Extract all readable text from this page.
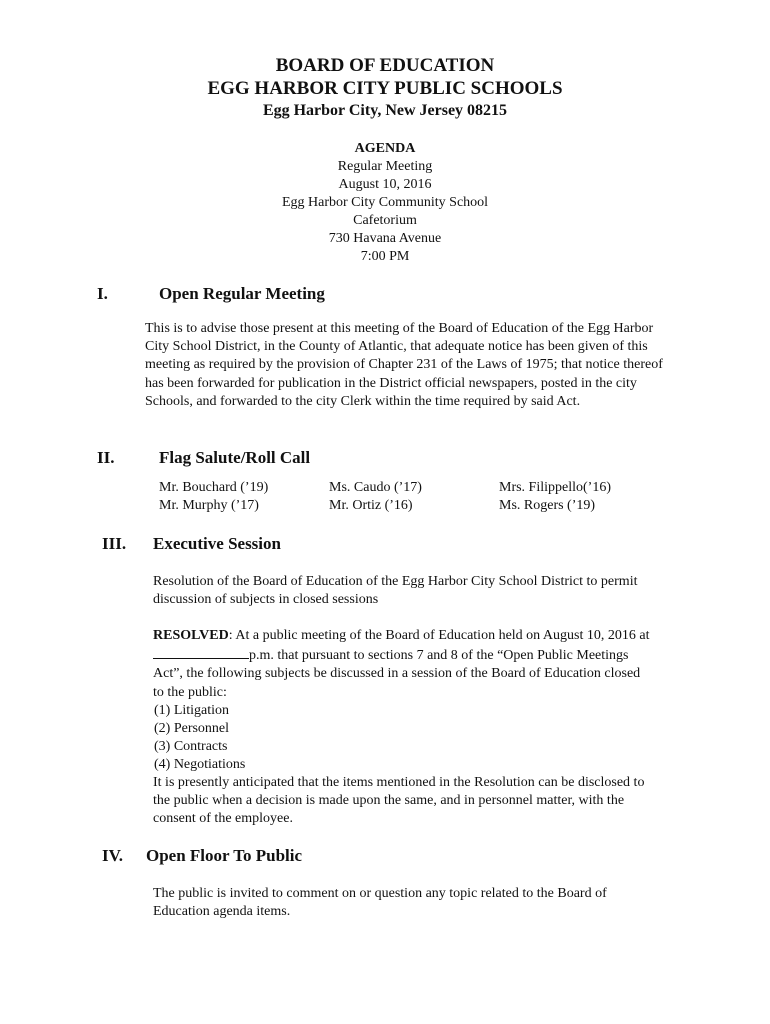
BOARD OF EDUCATION
EGG HARBOR CITY PUBLIC SCHOOLS
Egg Harbor City, New Jersey 08215
AGENDA
Regular Meeting
August 10, 2016
Egg Harbor City Community School
Cafetorium
730 Havana Avenue
7:00 PM
I.	Open Regular Meeting
This is to advise those present at this meeting of the Board of Education of the Egg Harbor City School District, in the County of Atlantic, that adequate notice has been given of this meeting as required by the provision of Chapter 231 of the Laws of 1975; that notice thereof has been forwarded for publication in the District official newspapers, posted in the city Schools, and forwarded to the city Clerk within the time required by said Act.
II.	Flag Salute/Roll Call
Mr. Bouchard (’19)	Ms. Caudo (’17)	Mrs. Filippello(’16)
Mr. Murphy (’17)	Mr. Ortiz (’16)	Ms. Rogers (’19)
III. Executive Session
Resolution of the Board of Education of the Egg Harbor City School District to permit discussion of subjects in closed sessions
RESOLVED: At a public meeting of the Board of Education held on August 10, 2016 at p.m. that pursuant to sections 7 and 8 of the “Open Public Meetings Act”, the following subjects be discussed in a session of the Board of Education closed to the public:
(1) Litigation
(2) Personnel
(3) Contracts
(4) Negotiations
It is presently anticipated that the items mentioned in the Resolution can be disclosed to the public when a decision is made upon the same, and in personnel matter, with the consent of the employee.
IV. Open Floor To Public
The public is invited to comment on or question any topic related to the Board of Education agenda items.
